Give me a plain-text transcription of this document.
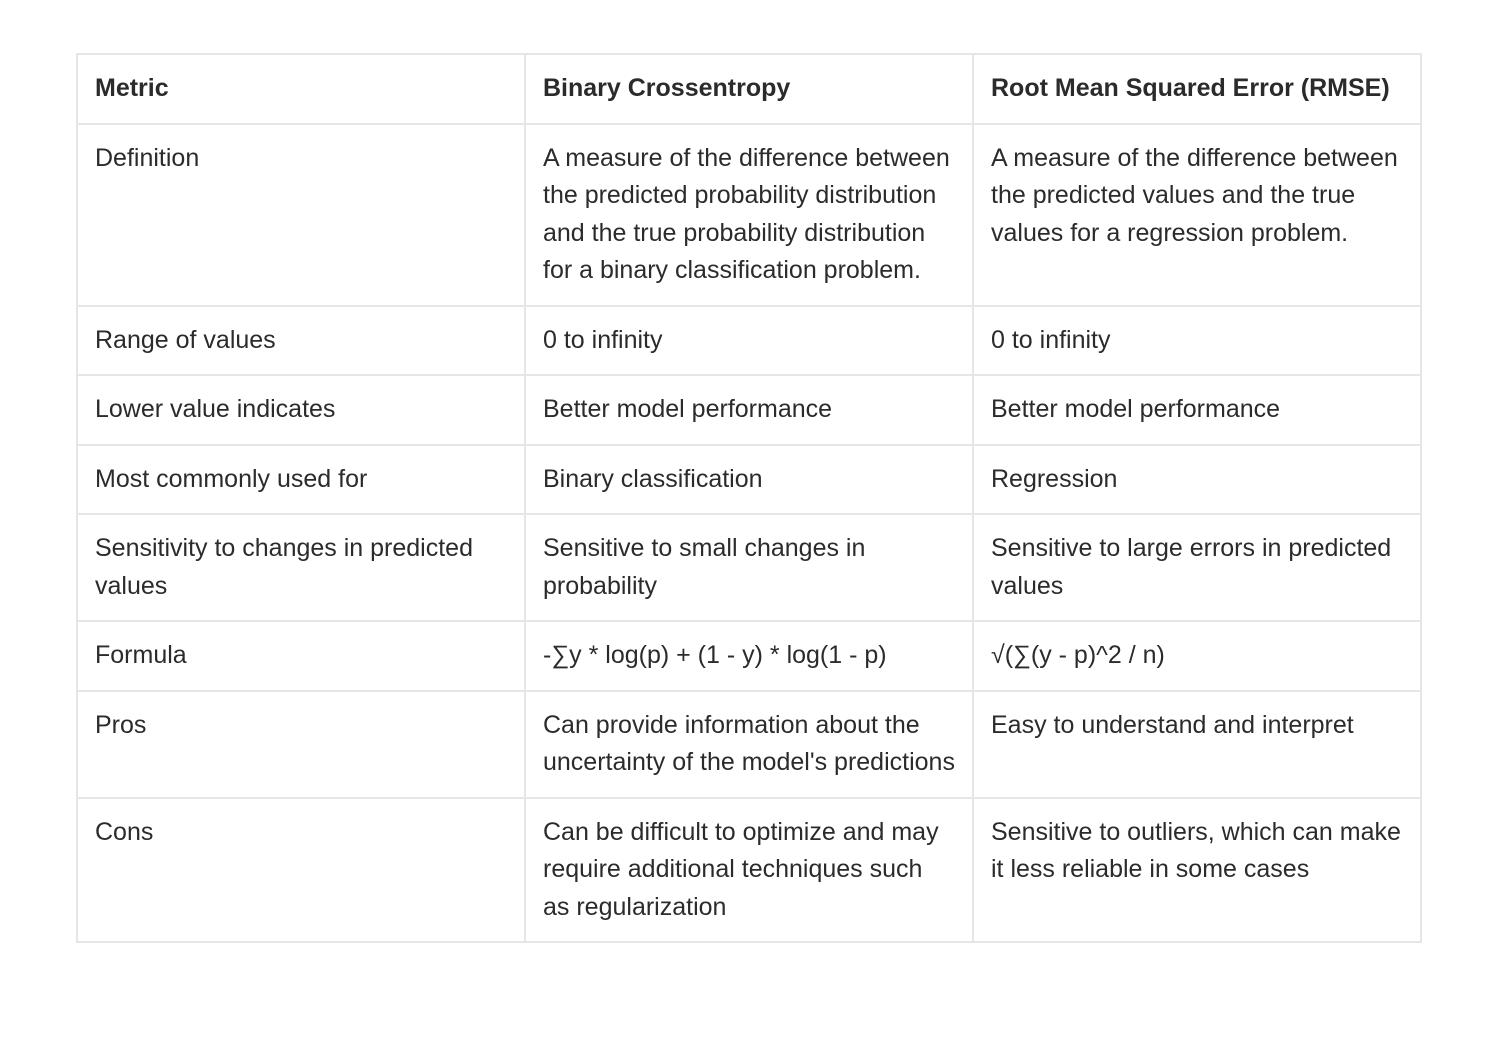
Metric	Binary Crossentropy	Root Mean Squared Error (RMSE)
Definition	A measure of the difference between the predicted probability distribution and the true probability distribution for a binary classification problem.	A measure of the difference between the predicted values and the true values for a regression problem.
Range of values	0 to infinity	0 to infinity
Lower value indicates	Better model performance	Better model performance
Most commonly used for	Binary classification	Regression
Sensitivity to changes in predicted values	Sensitive to small changes in probability	Sensitive to large errors in predicted values
Formula	-∑y * log(p) + (1 - y) * log(1 - p)	√(∑(y - p)^2 / n)
Pros	Can provide information about the uncertainty of the model's predictions	Easy to understand and interpret
Cons	Can be difficult to optimize and may require additional techniques such as regularization	Sensitive to outliers, which can make it less reliable in some cases
